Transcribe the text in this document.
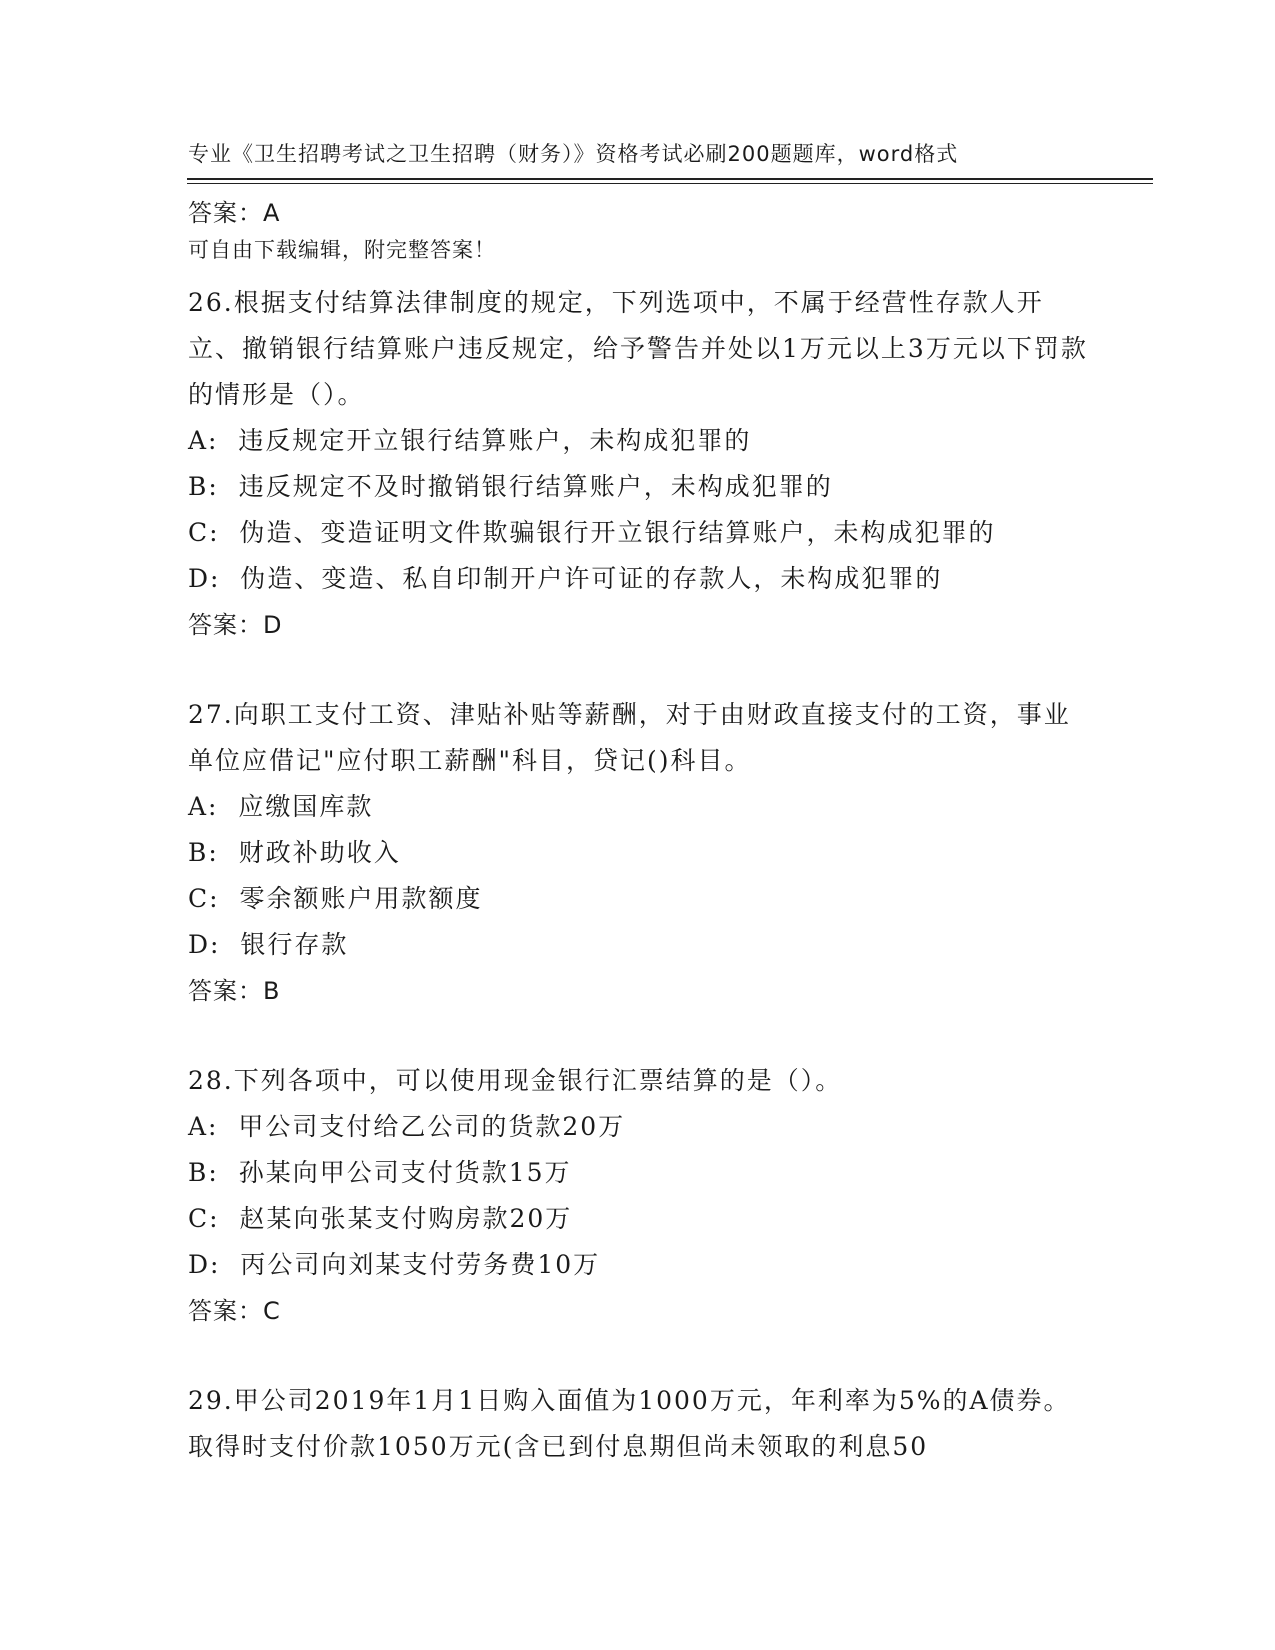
专业《卫生招聘考试之卫生招聘（财务）》资格考试必刷200题题库，word格式

可自由下载编辑，附完整答案！

答案：A

26.根据支付结算法律制度的规定，下列选项中，不属于经营性存款人开立、撤销银行结算账户违反规定，给予警告并处以1万元以上3万元以下罚款的情形是（）。

A:  违反规定开立银行结算账户，未构成犯罪的

B:  违反规定不及时撤销银行结算账户，未构成犯罪的

C:  伪造、变造证明文件欺骗银行开立银行结算账户，未构成犯罪的

D:  伪造、变造、私自印制开户许可证的存款人，未构成犯罪的

答案：D

27.向职工支付工资、津贴补贴等薪酬，对于由财政直接支付的工资，事业单位应借记"应付职工薪酬"科目，贷记()科目。

A:  应缴国库款

B:  财政补助收入

C:  零余额账户用款额度

D:  银行存款

答案：B

28.下列各项中，可以使用现金银行汇票结算的是（）。

A:  甲公司支付给乙公司的货款20万

B:  孙某向甲公司支付货款15万

C:  赵某向张某支付购房款20万

D:  丙公司向刘某支付劳务费10万

答案：C

29.甲公司2019年1月1日购入面值为1000万元，年利率为5%的A债券。取得时支付价款1050万元(含已到付息期但尚未领取的利息50
